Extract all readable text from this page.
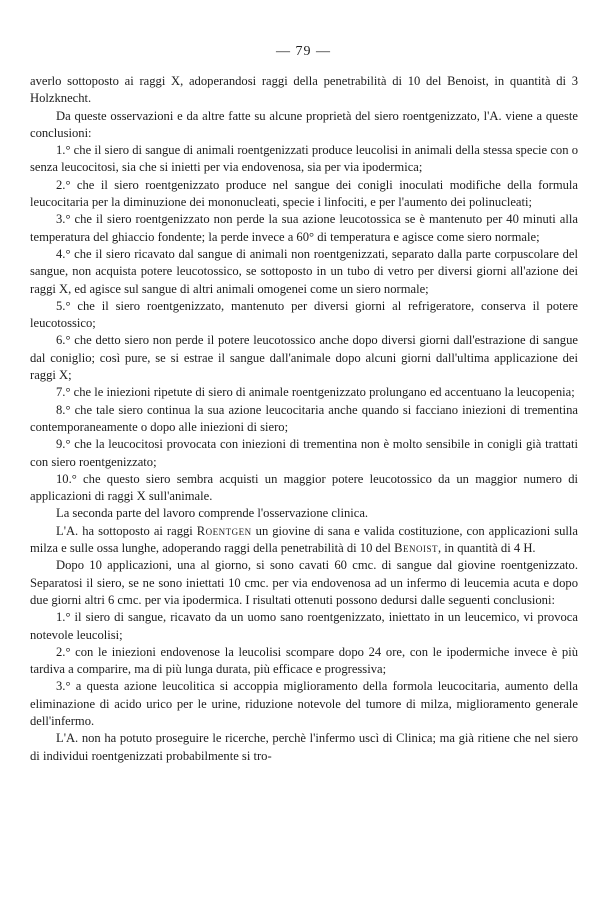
— 79 —

averlo sottoposto ai raggi X, adoperandosi raggi della penetrabilità di 10 del Benoist, in quantità di 3 Holzknecht.

Da queste osservazioni e da altre fatte su alcune proprietà del siero roentgenizzato, l'A. viene a queste conclusioni:

1.° che il siero di sangue di animali roentgenizzati produce leucolisi in animali della stessa specie con o senza leucocitosi, sia che si inietti per via endovenosa, sia per via ipodermica;

2.° che il siero roentgenizzato produce nel sangue dei conigli inoculati modifiche della formula leucocitaria per la diminuzione dei mononucleati, specie i linfociti, e per l'aumento dei polinucleati;

3.° che il siero roentgenizzato non perde la sua azione leucotossica se è mantenuto per 40 minuti alla temperatura del ghiaccio fondente; la perde invece a 60° di temperatura e agisce come siero normale;

4.° che il siero ricavato dal sangue di animali non roentgenizzati, separato dalla parte corpuscolare del sangue, non acquista potere leucotossico, se sottoposto in un tubo di vetro per diversi giorni all'azione dei raggi X, ed agisce sul sangue di altri animali omogenei come un siero normale;

5.° che il siero roentgenizzato, mantenuto per diversi giorni al refrigeratore, conserva il potere leucotossico;

6.° che detto siero non perde il potere leucotossico anche dopo diversi giorni dall'estrazione di sangue dal coniglio; così pure, se si estrae il sangue dall'animale dopo alcuni giorni dall'ultima applicazione dei raggi X;

7.° che le iniezioni ripetute di siero di animale roentgenizzato prolungano ed accentuano la leucopenia;

8.° che tale siero continua la sua azione leucocitaria anche quando si facciano iniezioni di trementina contemporaneamente o dopo alle iniezioni di siero;

9.° che la leucocitosi provocata con iniezioni di trementina non è molto sensibile in conigli già trattati con siero roentgenizzato;

10.° che questo siero sembra acquisti un maggior potere leucotossico da un maggior numero di applicazioni di raggi X sull'animale.

La seconda parte del lavoro comprende l'osservazione clinica.

L'A. ha sottoposto ai raggi Roentgen un giovine di sana e valida costituzione, con applicazioni sulla milza e sulle ossa lunghe, adoperando raggi della penetrabilità di 10 del Benoist, in quantità di 4 H.

Dopo 10 applicazioni, una al giorno, si sono cavati 60 cmc. di sangue dal giovine roentgenizzato. Separatosi il siero, se ne sono iniettati 10 cmc. per via endovenosa ad un infermo di leucemia acuta e dopo due giorni altri 6 cmc. per via ipodermica. I risultati ottenuti possono dedursi dalle seguenti conclusioni:

1.° il siero di sangue, ricavato da un uomo sano roentgenizzato, iniettato in un leucemico, vi provoca notevole leucolisi;

2.° con le iniezioni endovenose la leucolisi scompare dopo 24 ore, con le ipodermiche invece è più tardiva a comparire, ma di più lunga durata, più efficace e progressiva;

3.° a questa azione leucolitica si accoppia miglioramento della formola leucocitaria, aumento della eliminazione di acido urico per le urine, riduzione notevole del tumore di milza, miglioramento generale dell'infermo.

L'A. non ha potuto proseguire le ricerche, perchè l'infermo uscì di Clinica; ma già ritiene che nel siero di individui roentgenizzati probabilmente si tro-
